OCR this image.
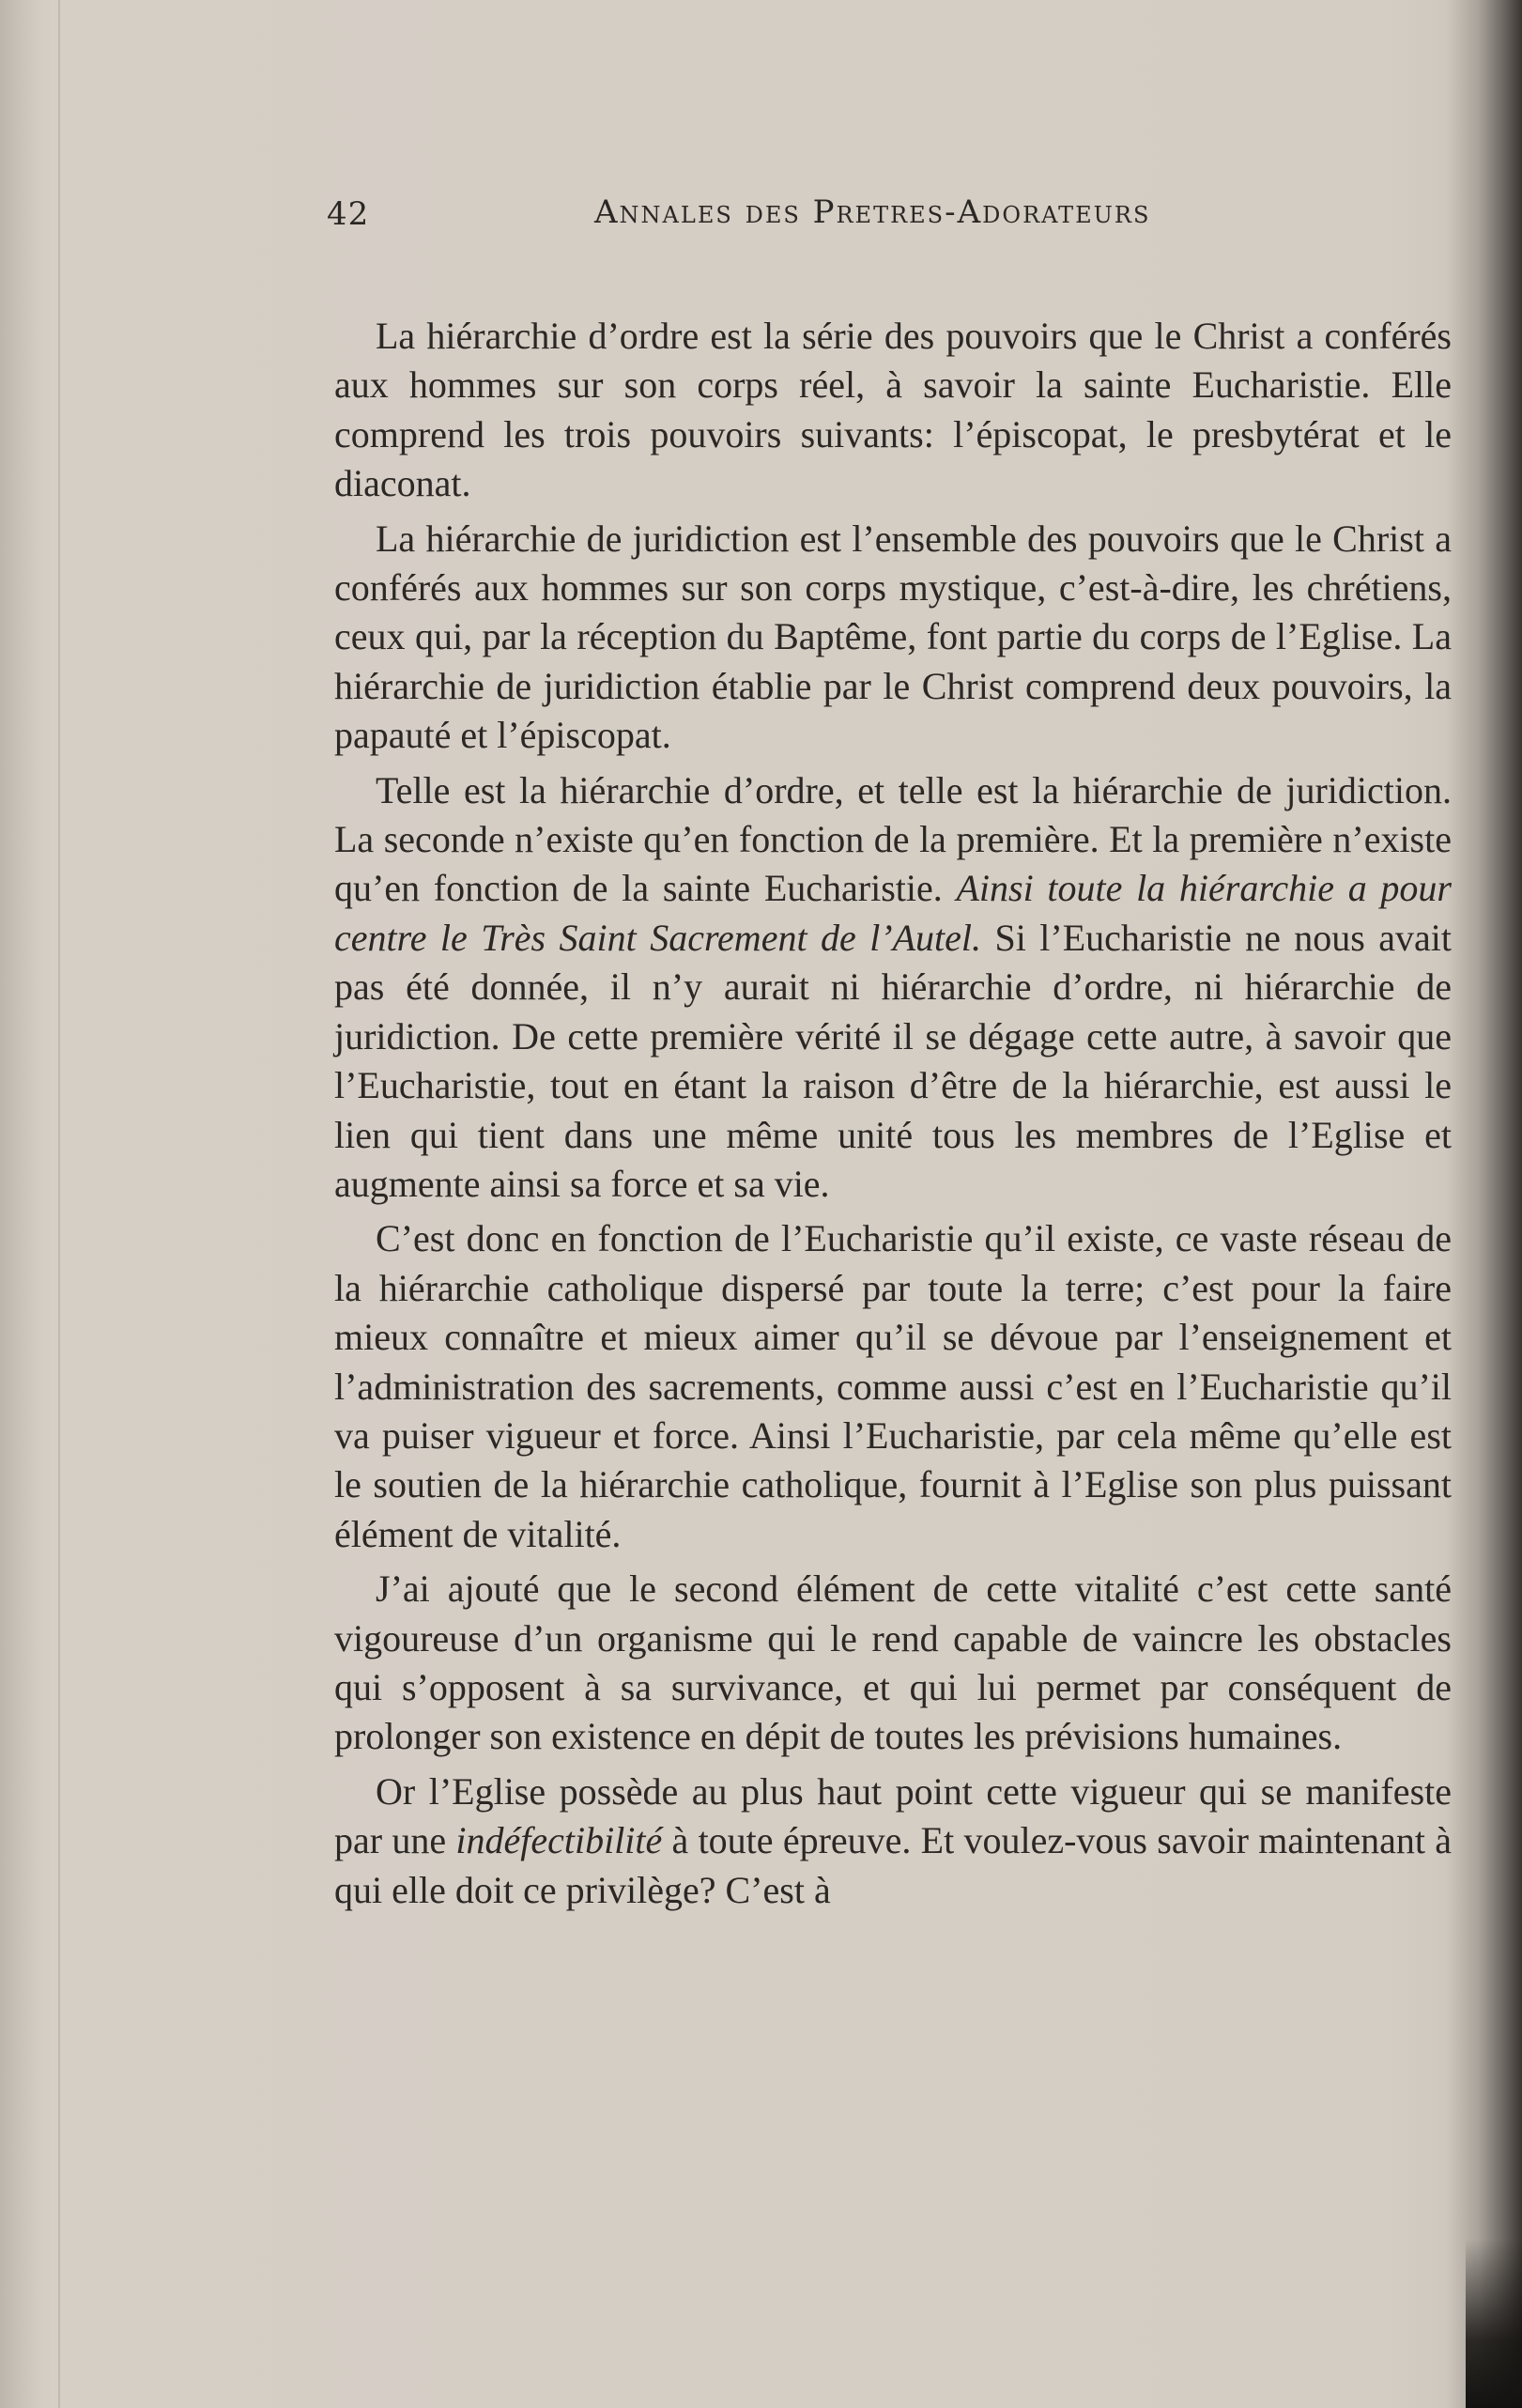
42	Annales des Pretres-Adorateurs

La hiérarchie d’ordre est la série des pouvoirs que le Christ a conférés aux hommes sur son corps réel, à savoir la sainte Eucharistie. Elle comprend les trois pouvoirs suivants: l’épiscopat, le presbytérat et le diaconat.

La hiérarchie de juridiction est l’ensemble des pouvoirs que le Christ a conférés aux hommes sur son corps mystique, c’est-à-dire, les chrétiens, ceux qui, par la réception du Baptême, font partie du corps de l’Eglise. La hiérarchie de juridiction établie par le Christ comprend deux pouvoirs, la papauté et l’épiscopat.

Telle est la hiérarchie d’ordre, et telle est la hiérarchie de juridiction. La seconde n’existe qu’en fonction de la première. Et la première n’existe qu’en fonction de la sainte Eucharistie. Ainsi toute la hiérarchie a pour centre le Très Saint Sacrement de l’Autel. Si l’Eucharistie ne nous avait pas été donnée, il n’y aurait ni hiérarchie d’ordre, ni hiérarchie de juridiction. De cette première vérité il se dégage cette autre, à savoir que l’Eucharistie, tout en étant la raison d’être de la hiérarchie, est aussi le lien qui tient dans une même unité tous les membres de l’Eglise et augmente ainsi sa force et sa vie.

C’est donc en fonction de l’Eucharistie qu’il existe, ce vaste réseau de la hiérarchie catholique dispersé par toute la terre; c’est pour la faire mieux connaître et mieux aimer qu’il se dévoue par l’enseignement et l’administration des sacrements, comme aussi c’est en l’Eucharistie qu’il va puiser vigueur et force. Ainsi l’Eucharistie, par cela même qu’elle est le soutien de la hiérarchie catholique, fournit à l’Eglise son plus puissant élément de vitalité.

J’ai ajouté que le second élément de cette vitalité c’est cette santé vigoureuse d’un organisme qui le rend capable de vaincre les obstacles qui s’opposent à sa survivance, et qui lui permet par conséquent de prolonger son existence en dépit de toutes les prévisions humaines.

Or l’Eglise possède au plus haut point cette vigueur qui se manifeste par une indéfectibilité à toute épreuve. Et voulez-vous savoir maintenant à qui elle doit ce privilège? C’est à
